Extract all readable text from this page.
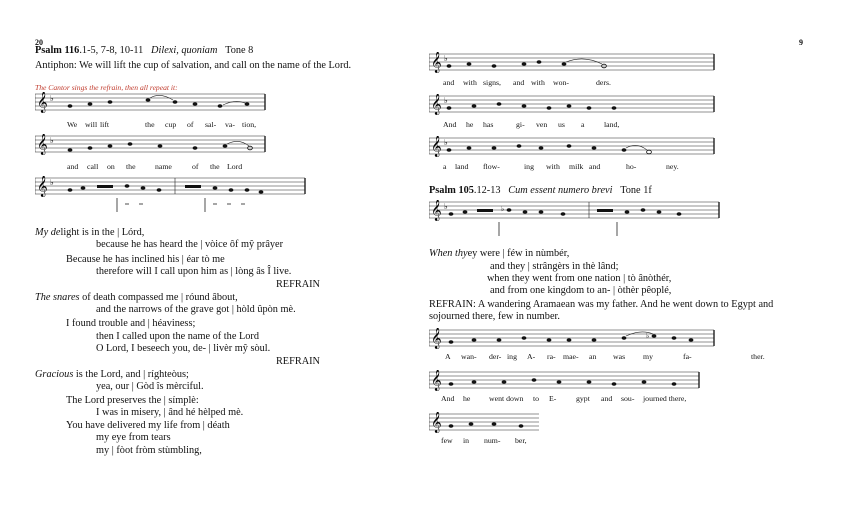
20
Psalm 116.1-5, 7-8, 10-11 Dilexi, quoniam Tone 8
Antiphon: We will lift the cup of salvation, and call on the name of the Lord.
The Cantor sings the refrain, then all repeat it:
𝄞 ♭
We will lift	the cup of sal- va- tion,
𝄞 ♭
and call on the name	of the Lord
𝄞 ♭
My delight is in the | Lórd,
because he has heard the | vòice ôf mŷ prâyer
Because he has inclined his | éar tò me
therefore will I call upon him as | lòng âs Î live.
REFRAIN
The snares of death compassed me | róund âbout,
and the narrows of the grave got | hòld ûpòn mè.
I found trouble and | héaviness;
then I called upon the name of the Lord
O Lord, I beseech you, de- | livèr mŷ sòul.
REFRAIN
Gracious is the Lord, and | ríghteòus;
yea, our | Gòd îs mèrciful.
The Lord preserves the | símplè:
I was in misery, | ând hé hèlped mè.
You have delivered my life from | déath
my eye from tears
my | fòot fròm stùmbling,
9
𝄞 ♭
and with signs, and with won-	ders.
𝄞 ♭
And he has	gi- ven us a	land,
𝄞 ♭
a land flow-	ing with milk and	ho-	ney.
Psalm 105.12-13 Cum essent numero brevi Tone 1f
𝄞 ♭	♭
When thyey were | féw ìn nùmbér,
and they | strângèrs ìn thè lând;
when they went from one nation | tò ânòthér,
and from one kingdom to an- | òthèr pêoplé,
REFRAIN: A wandering Aramaean was my father. And he went down to Egypt and
sojourned there, few in number.
𝄞	♭
A wan- der- ing A- ra- mae- an was my	fa-	ther.
𝄞
And he went down to E-	gypt and sou- journed there,
𝄞
few in num- ber,
